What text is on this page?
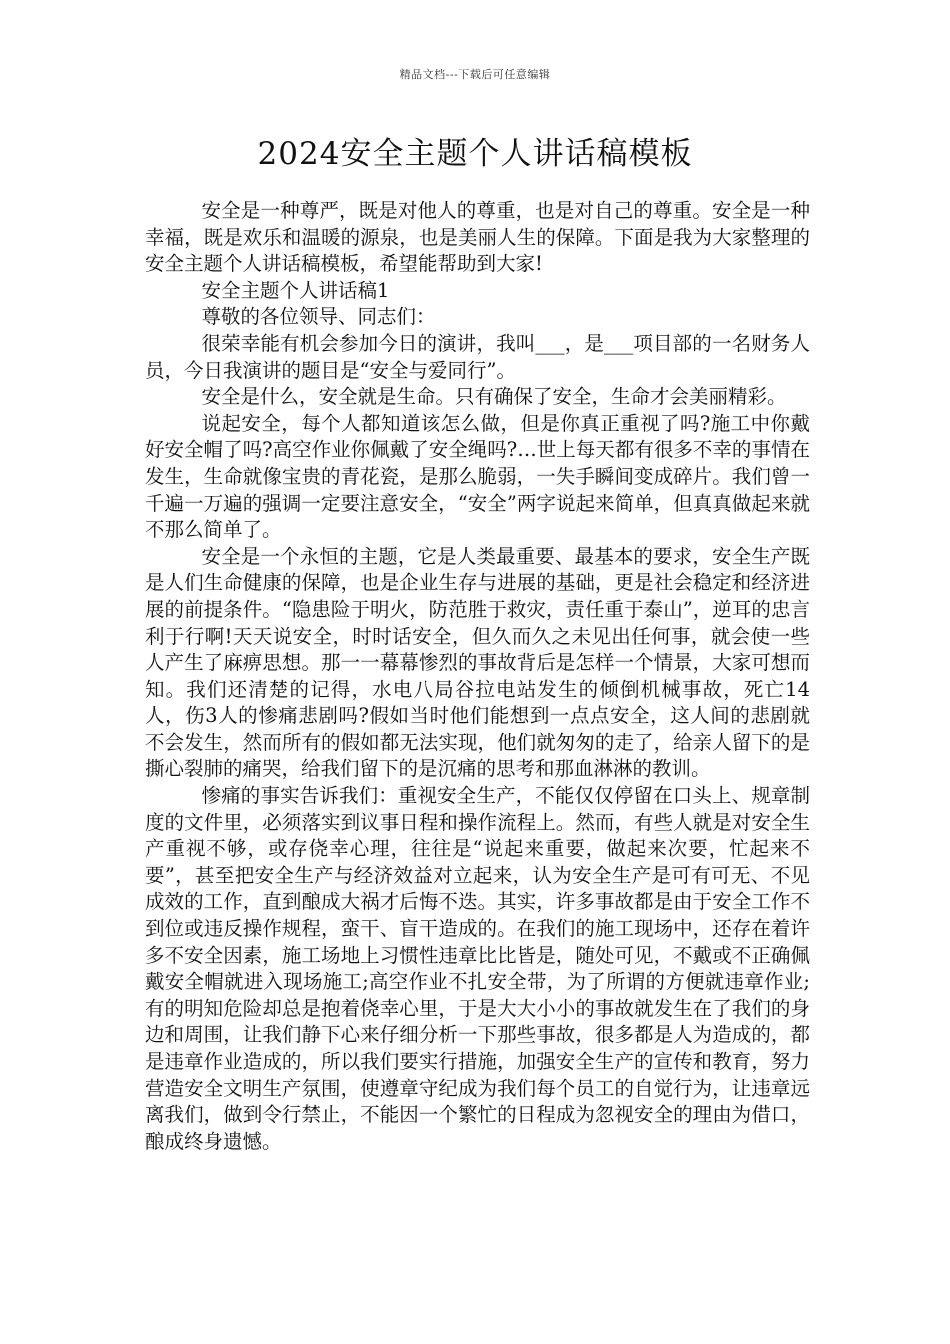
精品文档---下载后可任意编辑
2024安全主题个人讲话稿模板

安全是一种尊严，既是对他人的尊重，也是对自己的尊重。安全是一种幸福，既是欢乐和温暖的源泉，也是美丽人生的保障。下面是我为大家整理的安全主题个人讲话稿模板，希望能帮助到大家!

安全主题个人讲话稿1

尊敬的各位领导、同志们：

很荣幸能有机会参加今日的演讲，我叫___，是___项目部的一名财务人员，今日我演讲的题目是“安全与爱同行”。

安全是什么，安全就是生命。只有确保了安全，生命才会美丽精彩。

说起安全，每个人都知道该怎么做，但是你真正重视了吗?施工中你戴好安全帽了吗?高空作业你佩戴了安全绳吗?…世上每天都有很多不幸的事情在发生，生命就像宝贵的青花瓷，是那么脆弱，一失手瞬间变成碎片。我们曾一千遍一万遍的强调一定要注意安全，“安全”两字说起来简单，但真真做起来就不那么简单了。

安全是一个永恒的主题，它是人类最重要、最基本的要求，安全生产既是人们生命健康的保障，也是企业生存与进展的基础，更是社会稳定和经济进展的前提条件。“隐患险于明火，防范胜于救灾，责任重于泰山”，逆耳的忠言利于行啊!天天说安全，时时话安全，但久而久之未见出任何事，就会使一些人产生了麻痹思想。那一一幕幕惨烈的事故背后是怎样一个情景，大家可想而知。我们还清楚的记得，水电八局谷拉电站发生的倾倒机械事故，死亡14人，伤3人的惨痛悲剧吗?假如当时他们能想到一点点安全，这人间的悲剧就不会发生，然而所有的假如都无法实现，他们就匆匆的走了，给亲人留下的是撕心裂肺的痛哭，给我们留下的是沉痛的思考和那血淋淋的教训。

惨痛的事实告诉我们：重视安全生产，不能仅仅停留在口头上、规章制度的文件里，必须落实到议事日程和操作流程上。然而，有些人就是对安全生产重视不够，或存侥幸心理，往往是“说起来重要，做起来次要，忙起来不要”，甚至把安全生产与经济效益对立起来，认为安全生产是可有可无、不见成效的工作，直到酿成大祸才后悔不迭。其实，许多事故都是由于安全工作不到位或违反操作规程，蛮干、盲干造成的。在我们的施工现场中，还存在着许多不安全因素，施工场地上习惯性违章比比皆是，随处可见，不戴或不正确佩戴安全帽就进入现场施工;高空作业不扎安全带，为了所谓的方便就违章作业;有的明知危险却总是抱着侥幸心里，于是大大小小的事故就发生在了我们的身边和周围，让我们静下心来仔细分析一下那些事故，很多都是人为造成的，都是违章作业造成的，所以我们要实行措施，加强安全生产的宣传和教育，努力营造安全文明生产氛围，使遵章守纪成为我们每个员工的自觉行为，让违章远离我们，做到令行禁止，不能因一个繁忙的日程成为忽视安全的理由为借口，酿成终身遗憾。
